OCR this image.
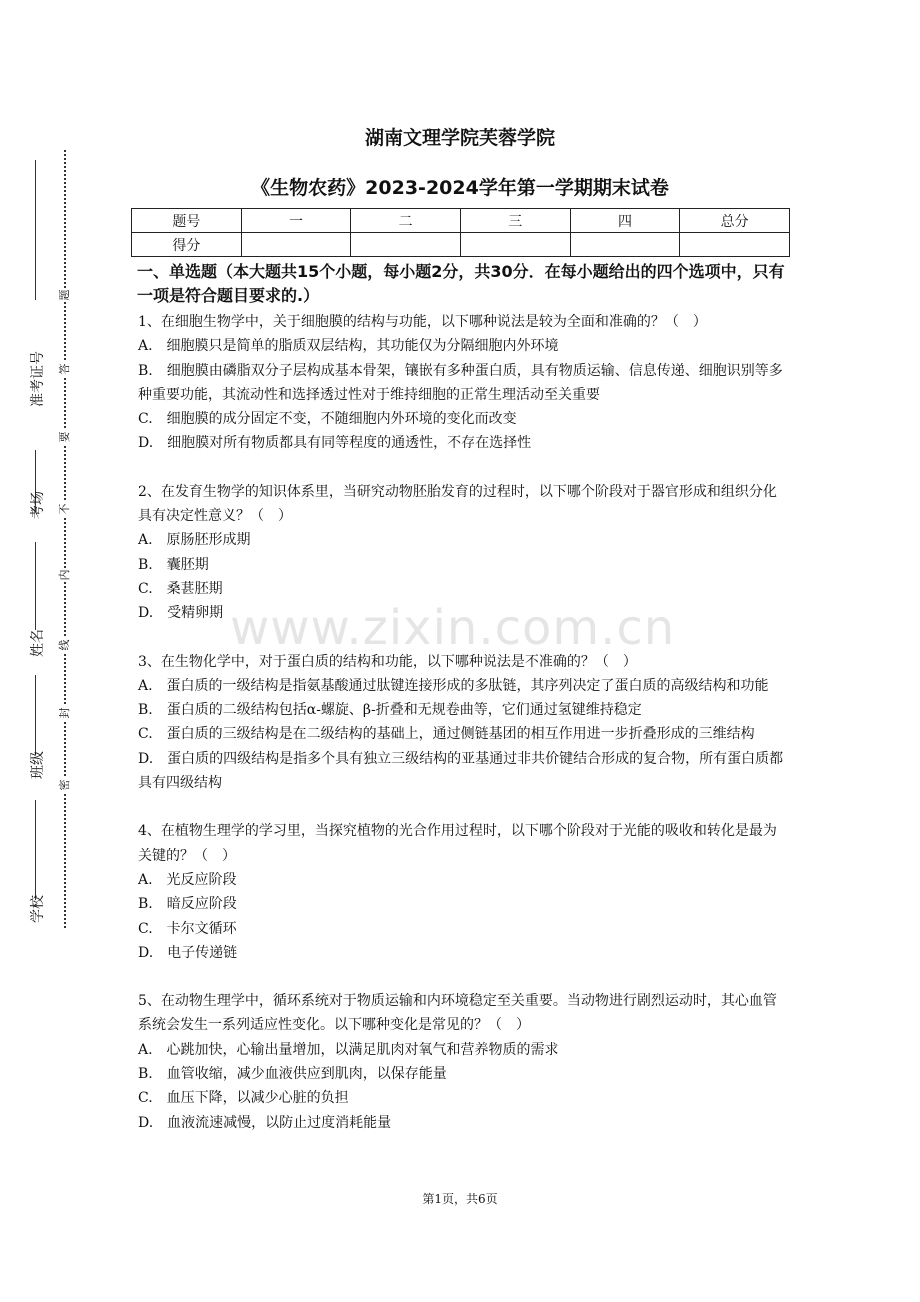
准考证号
考场
姓名
班级
学校
题
答
要
不
内
线
封
密
湖南文理学院芙蓉学院
《生物农药》2023-2024学年第一学期期末试卷
题号	一	二	三	四	总分
得分					
一、单选题（本大题共15个小题，每小题2分，共30分．在每小题给出的四个选项中，只有一项是符合题目要求的.）

1、在细胞生物学中，关于细胞膜的结构与功能，以下哪种说法是较为全面和准确的？（　）

A.　细胞膜只是简单的脂质双层结构，其功能仅为分隔细胞内外环境

B.　细胞膜由磷脂双分子层构成基本骨架，镶嵌有多种蛋白质，具有物质运输、信息传递、细胞识别等多种重要功能，其流动性和选择透过性对于维持细胞的正常生理活动至关重要

C.　细胞膜的成分固定不变，不随细胞内外环境的变化而改变

D.　细胞膜对所有物质都具有同等程度的通透性，不存在选择性

2、在发育生物学的知识体系里，当研究动物胚胎发育的过程时，以下哪个阶段对于器官形成和组织分化具有决定性意义？（　）

A.　原肠胚形成期

B.　囊胚期

C.　桑葚胚期

D.　受精卵期

3、在生物化学中，对于蛋白质的结构和功能，以下哪种说法是不准确的？（　）

A.　蛋白质的一级结构是指氨基酸通过肽键连接形成的多肽链，其序列决定了蛋白质的高级结构和功能

B.　蛋白质的二级结构包括α-螺旋、β-折叠和无规卷曲等，它们通过氢键维持稳定

C.　蛋白质的三级结构是在二级结构的基础上，通过侧链基团的相互作用进一步折叠形成的三维结构

D.　蛋白质的四级结构是指多个具有独立三级结构的亚基通过非共价键结合形成的复合物，所有蛋白质都具有四级结构

4、在植物生理学的学习里，当探究植物的光合作用过程时，以下哪个阶段对于光能的吸收和转化是最为关键的？（　）

A.　光反应阶段

B.　暗反应阶段

C.　卡尔文循环

D.　电子传递链

5、在动物生理学中，循环系统对于物质运输和内环境稳定至关重要。当动物进行剧烈运动时，其心血管系统会发生一系列适应性变化。以下哪种变化是常见的？（　）

A.　心跳加快，心输出量增加，以满足肌肉对氧气和营养物质的需求

B.　血管收缩，减少血液供应到肌肉，以保存能量

C.　血压下降，以减少心脏的负担

D.　血液流速减慢，以防止过度消耗能量

www.zixin.com.cn
第1页，共6页
